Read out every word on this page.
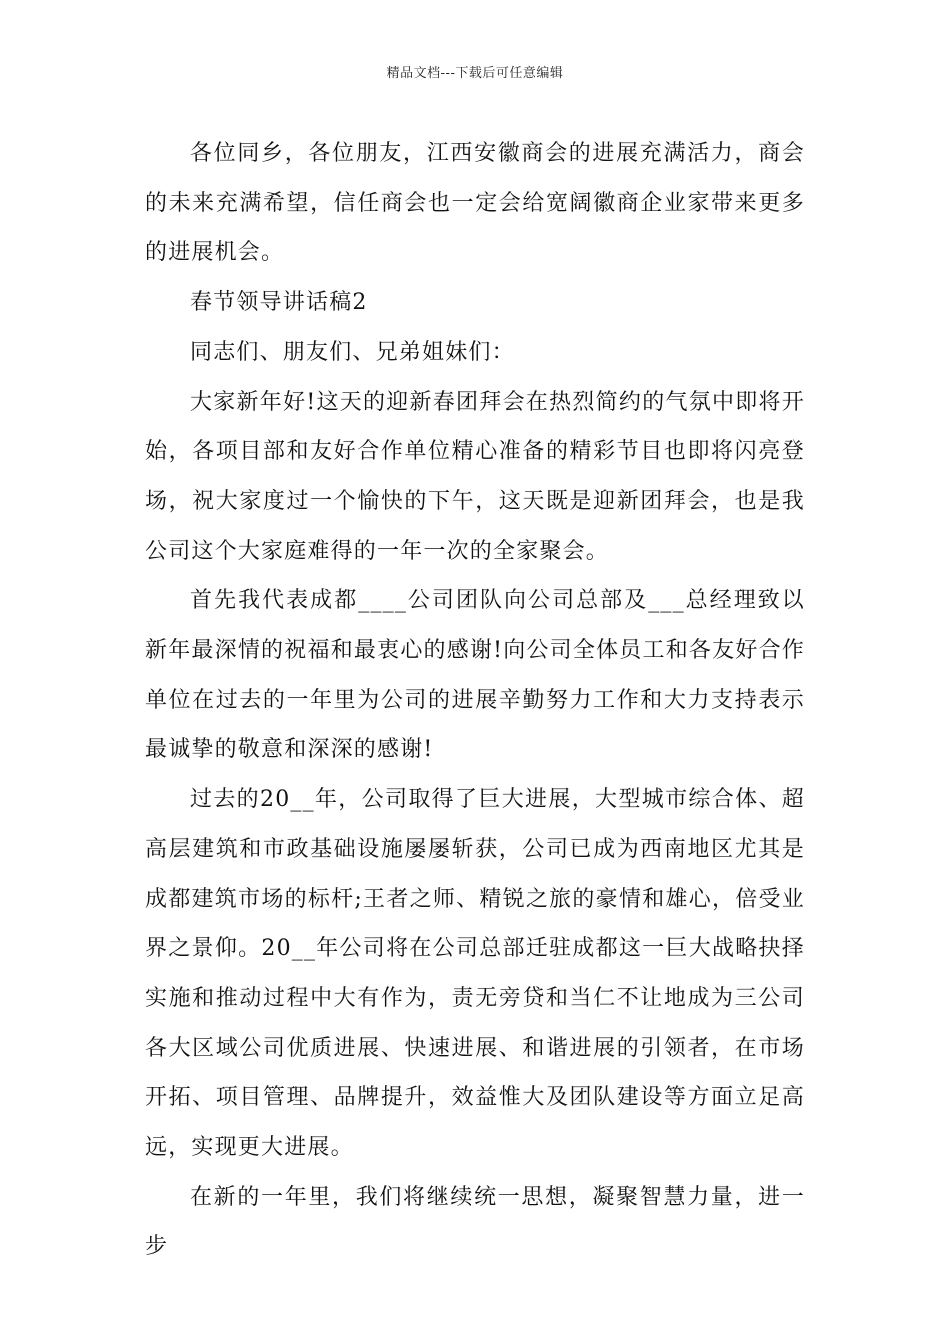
精品文档---下载后可任意编辑

各位同乡，各位朋友，江西安徽商会的进展充满活力，商会的未来充满希望，信任商会也一定会给宽阔徽商企业家带来更多的进展机会。

春节领导讲话稿2

同志们、朋友们、兄弟姐妹们：

大家新年好!这天的迎新春团拜会在热烈简约的气氛中即将开始，各项目部和友好合作单位精心准备的精彩节目也即将闪亮登场，祝大家度过一个愉快的下午，这天既是迎新团拜会，也是我公司这个大家庭难得的一年一次的全家聚会。

首先我代表成都____公司团队向公司总部及___总经理致以新年最深情的祝福和最衷心的感谢!向公司全体员工和各友好合作单位在过去的一年里为公司的进展辛勤努力工作和大力支持表示最诚挚的敬意和深深的感谢!

过去的20__年，公司取得了巨大进展，大型城市综合体、超高层建筑和市政基础设施屡屡斩获，公司已成为西南地区尤其是成都建筑市场的标杆;王者之师、精锐之旅的豪情和雄心，倍受业界之景仰。20__年公司将在公司总部迁驻成都这一巨大战略抉择实施和推动过程中大有作为，责无旁贷和当仁不让地成为三公司各大区域公司优质进展、快速进展、和谐进展的引领者，在市场开拓、项目管理、品牌提升，效益惟大及团队建设等方面立足高远，实现更大进展。

在新的一年里，我们将继续统一思想，凝聚智慧力量，进一步
